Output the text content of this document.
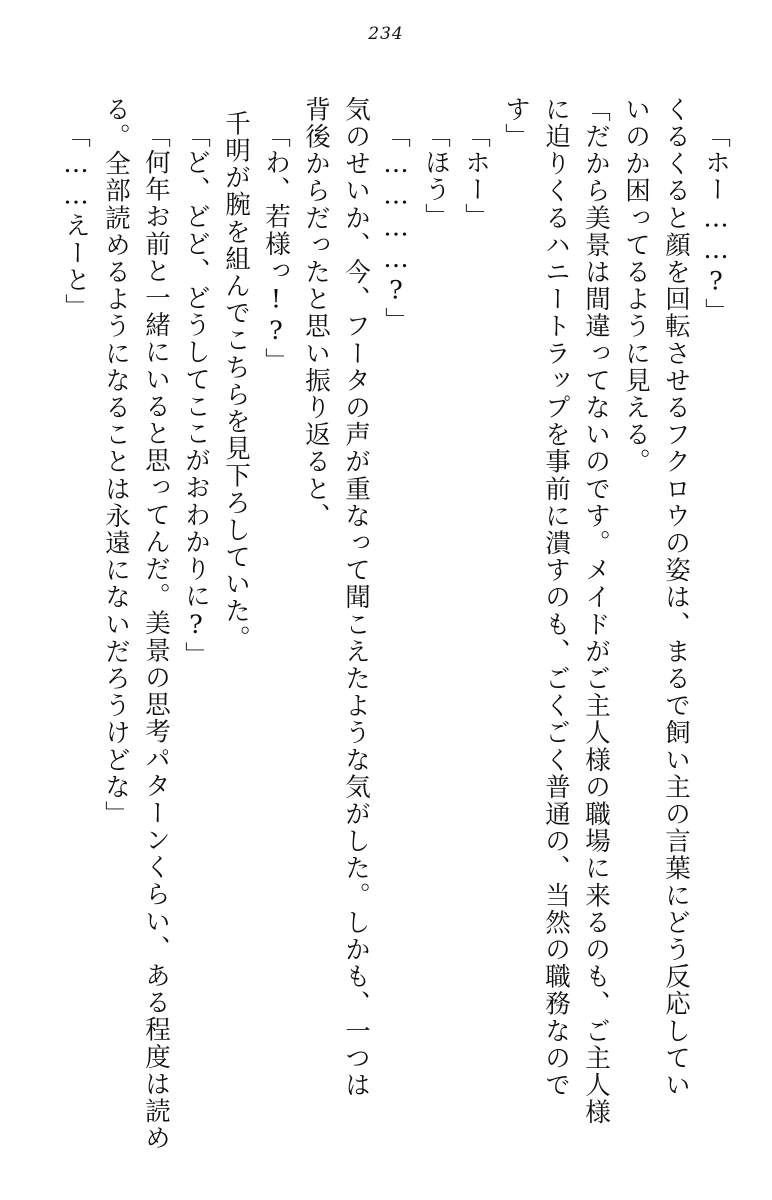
234
「ホー……?」
くるくると顔を回転させるフクロウの姿は、まるで飼い主の言葉にどう反応してい
いのか困ってるように見える。
「だから美景は間違ってないのです。メイドがご主人様の職場に来るのも、ご主人様
に迫りくるハニートラップを事前に潰すのも、ごくごく普通の、当然の職務なので
す」
「ホー」
「ほう」
「…………?」
気のせいか、今、フータの声が重なって聞こえたような気がした。しかも、一つは
背後からだったと思い振り返ると、
「わ、若様っ!?」
千明が腕を組んでこちらを見下ろしていた。
「ど、どど、どうしてここがおわかりに?」
「何年お前と一緒にいると思ってんだ。美景の思考パターンくらい、ある程度は読め
る。全部読めるようになることは永遠にないだろうけどな」
「……えーと」
